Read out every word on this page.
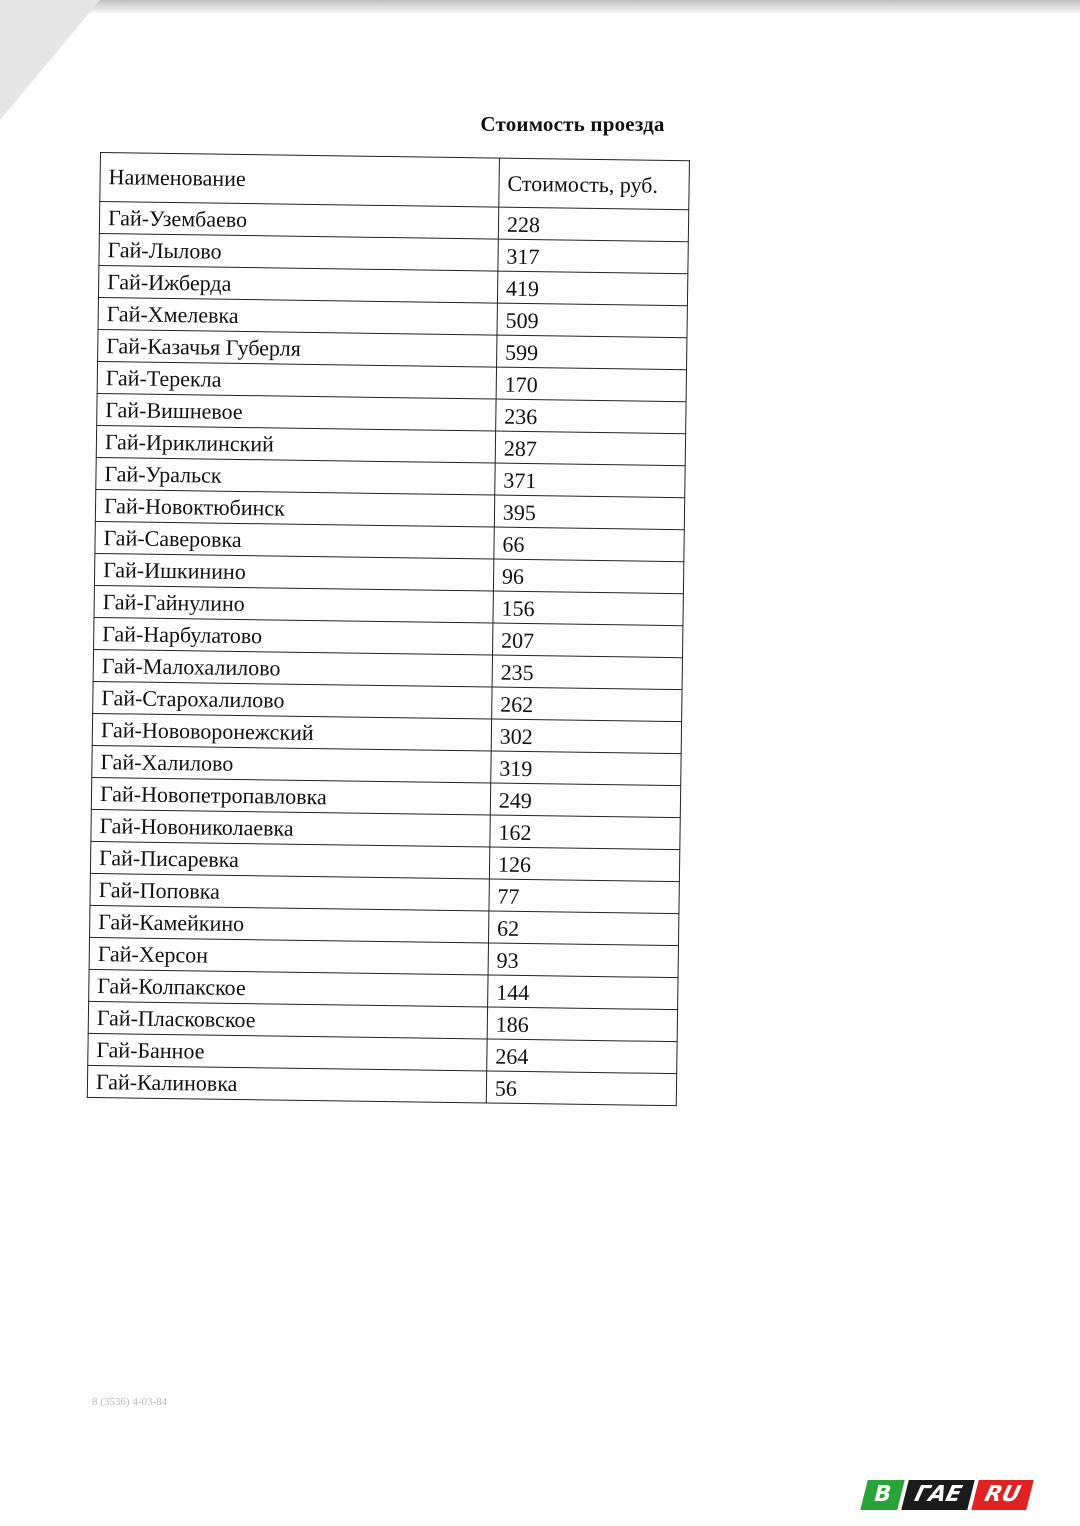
Стоимость проезда
Наименование	Стоимость, руб.
Гай-Узембаево	228
Гай-Лылово	317
Гай-Ижберда	419
Гай-Хмелевка	509
Гай-Казачья Губерля	599
Гай-Терекла	170
Гай-Вишневое	236
Гай-Ириклинский	287
Гай-Уральск	371
Гай-Новоктюбинск	395
Гай-Саверовка	66
Гай-Ишкинино	96
Гай-Гайнулино	156
Гай-Нарбулатово	207
Гай-Малохалилово	235
Гай-Старохалилово	262
Гай-Нововоронежский	302
Гай-Халилово	319
Гай-Новопетропавловка	249
Гай-Новониколаевка	162
Гай-Писаревка	126
Гай-Поповка	77
Гай-Камейкино	62
Гай-Херсон	93
Гай-Колпакское	144
Гай-Пласковское	186
Гай-Банное	264
Гай-Калиновка	56
8 (3536) 4-03-84
В ГАЕ RU
